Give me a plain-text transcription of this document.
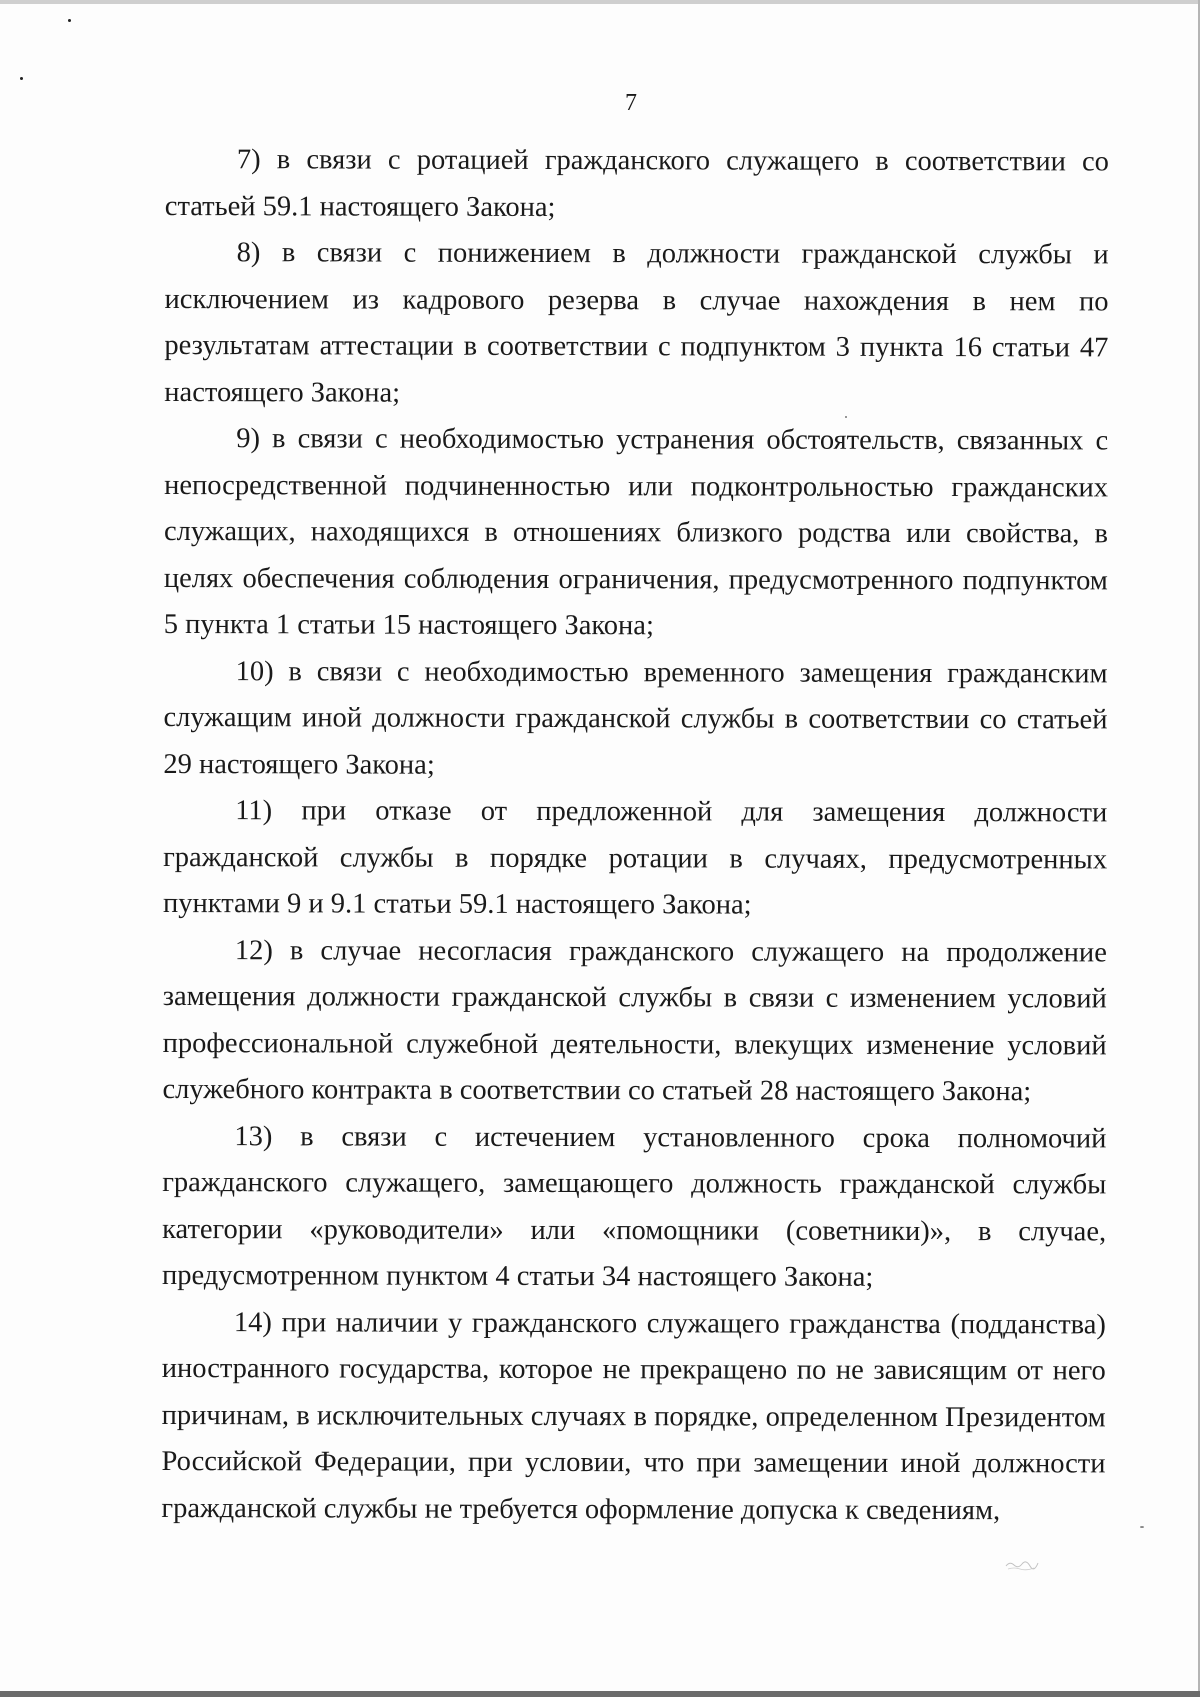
7

7) в связи с ротацией гражданского служащего в соответствии со статьей 59.1 настоящего Закона;

8) в связи с понижением в должности гражданской службы и исключением из кадрового резерва в случае нахождения в нем по результатам аттестации в соответствии с подпунктом 3 пункта 16 статьи 47 настоящего Закона;

9) в связи с необходимостью устранения обстоятельств, связанных с непосредственной подчиненностью или подконтрольностью гражданских служащих, находящихся в отношениях близкого родства или свойства, в целях обеспечения соблюдения ограничения, предусмотренного подпунктом 5 пункта 1 статьи 15 настоящего Закона;

10) в связи с необходимостью временного замещения гражданским служащим иной должности гражданской службы в соответствии со статьей 29 настоящего Закона;

11) при отказе от предложенной для замещения должности гражданской службы в порядке ротации в случаях, предусмотренных пунктами 9 и 9.1 статьи 59.1 настоящего Закона;

12) в случае несогласия гражданского служащего на продолжение замещения должности гражданской службы в связи с изменением условий профессиональной служебной деятельности, влекущих изменение условий служебного контракта в соответствии со статьей 28 настоящего Закона;

13) в связи с истечением установленного срока полномочий гражданского служащего, замещающего должность гражданской службы категории «руководители» или «помощники (советники)», в случае, предусмотренном пунктом 4 статьи 34 настоящего Закона;

14) при наличии у гражданского служащего гражданства (подданства) иностранного государства, которое не прекращено по не зависящим от него причинам, в исключительных случаях в порядке, определенном Президентом Российской Федерации, при условии, что при замещении иной должности гражданской службы не требуется оформление допуска к сведениям,
